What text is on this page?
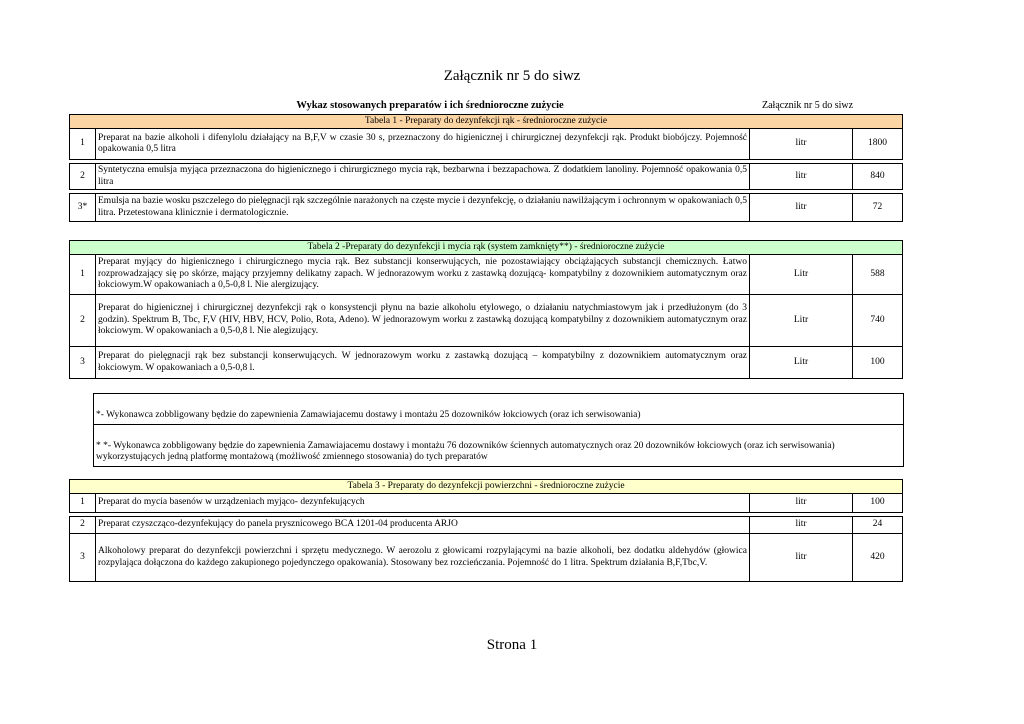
Załącznik nr 5 do siwz
Wykaz stosowanych preparatów i ich średnioroczne zużycie	Załącznik nr 5 do siwz
Tabela 1 - Preparaty do dezynfekcji rąk - średnioroczne zużycie			
1	Preparat na bazie alkoholi i difenylolu działający na B,F,V w czasie 30 s, przeznaczony do higienicznej i chirurgicznej dezynfekcji rąk. Produkt biobójczy. Pojemność opakowania 0,5 litra	litr	1800

2	Syntetyczna emulsja myjąca przeznaczona do higienicznego i chirurgicznego mycia rąk, bezbarwna i bezzapachowa. Z dodatkiem lanoliny. Pojemność opakowania 0,5 litra	litr	840

3*	Emulsja na bazie wosku pszczelego do pielęgnacji rąk szczególnie narażonych na częste mycie i dezynfekcję, o działaniu nawilżającym i ochronnym w opakowaniach 0,5 litra. Przetestowana klinicznie i dermatologicznie.	litr	72
Tabela 2 -Preparaty do dezynfekcji i mycia rąk (system zamknięty**) - średnioroczne zużycie			
1	Preparat myjący do higienicznego i chirurgicznego mycia rąk. Bez substancji konserwujących, nie pozostawiający obciążających substancji chemicznych. Łatwo rozprowadzający się po skórze, mający przyjemny delikatny zapach. W jednorazowym worku z zastawką dozującą- kompatybilny z dozownikiem automatycznym oraz łokciowym.W opakowaniach a 0,5-0,8 l. Nie alergizujący.	Litr	588
2	Preparat do higienicznej i chirurgicznej dezynfekcji rąk o konsystencji płynu na bazie alkoholu etylowego, o działaniu natychmiastowym jak i przedłużonym (do 3 godzin). Spektrum B, Tbc, F,V (HIV, HBV, HCV, Polio, Rota, Adeno). W jednorazowym worku z zastawką dozującą kompatybilny z dozownikiem automatycznym oraz łokciowym. W opakowaniach a 0,5-0,8 l. Nie alegizujący.	Litr	740
3	Preparat do pielęgnacji rąk bez substancji konserwujących. W jednorazowym worku z zastawką dozującą – kompatybilny z dozownikiem automatycznym oraz łokciowym. W opakowaniach a 0,5-0,8 l.	Litr	100
*- Wykonawca zobbligowany będzie do zapewnienia Zamawiajacemu dostawy i montażu 25 dozowników łokciowych (oraz ich serwisowania)
* *- Wykonawca zobbligowany będzie do zapewnienia Zamawiajacemu dostawy i montażu 76 dozowników ściennych automatycznych oraz 20 dozowników łokciowych (oraz ich serwisowania) wykorzystujących jedną platformę montażową (możliwość zmiennego stosowania) do tych preparatów
Tabela 3 - Preparaty do dezynfekcji powierzchni - średnioroczne zużycie			
1	Preparat do mycia basenów w urządzeniach myjąco- dezynfekujących	litr	100

2	Preparat czyszcząco-dezynfekujący do panela prysznicowego BCA 1201-04 producenta ARJO	litr	24
3	Alkoholowy preparat do dezynfekcji powierzchni i sprzętu medycznego. W aerozolu z głowicami rozpylającymi na bazie alkoholi, bez dodatku aldehydów (głowica rozpylająca dołączona do każdego zakupionego pojedynczego opakowania). Stosowany bez rozcieńczania. Pojemność do 1 litra. Spektrum działania B,F,Tbc,V.	litr	420
Strona 1
